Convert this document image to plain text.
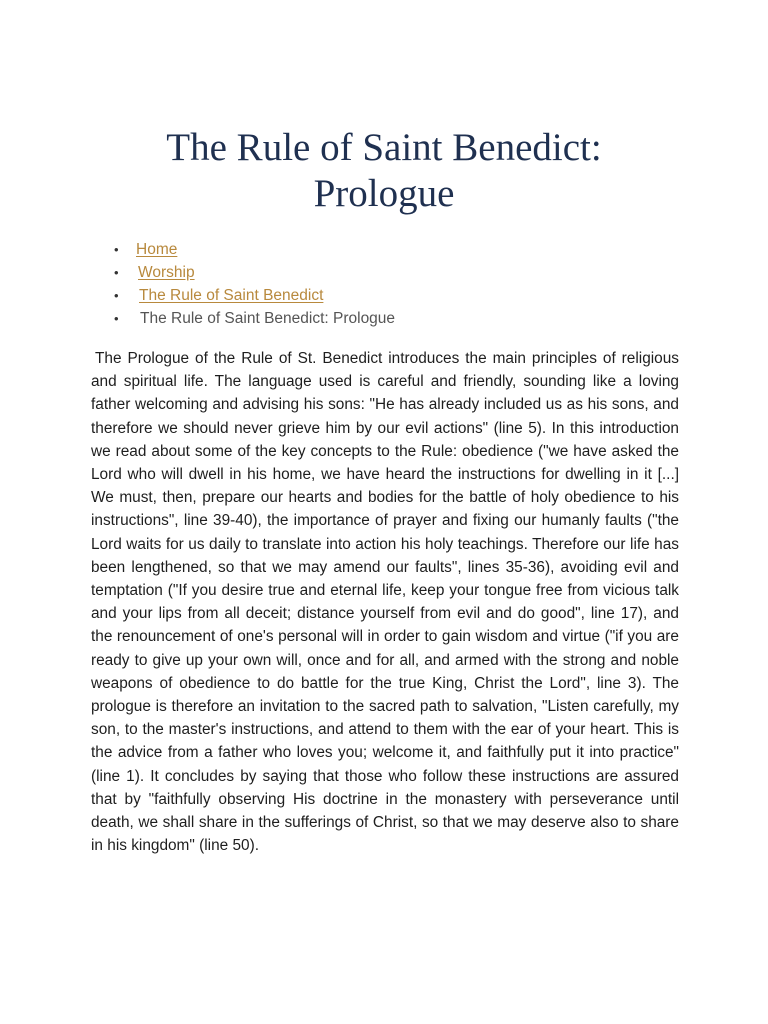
The Rule of Saint Benedict:
Prologue
• Home
• Worship
• The Rule of Saint Benedict
• The Rule of Saint Benedict: Prologue

The Prologue of the Rule of St. Benedict introduces the main principles of religious and spiritual life. The language used is careful and friendly, sounding like a loving father welcoming and advising his sons: "He has already included us as his sons, and therefore we should never grieve him by our evil actions" (line 5). In this introduction we read about some of the key concepts to the Rule: obedience ("we have asked the Lord who will dwell in his home, we have heard the instructions for dwelling in it [...] We must, then, prepare our hearts and bodies for the battle of holy obedience to his instructions", line 39-40), the importance of prayer and fixing our humanly faults ("the Lord waits for us daily to translate into action his holy teachings. Therefore our life has been lengthened, so that we may amend our faults", lines 35-36), avoiding evil and temptation ("If you desire true and eternal life, keep your tongue free from vicious talk and your lips from all deceit; distance yourself from evil and do good", line 17), and the renouncement of one's personal will in order to gain wisdom and virtue ("if you are ready to give up your own will, once and for all, and armed with the strong and noble weapons of obedience to do battle for the true King, Christ the Lord", line 3). The prologue is therefore an invitation to the sacred path to salvation, "Listen carefully, my son, to the master's instructions, and attend to them with the ear of your heart. This is the advice from a father who loves you; welcome it, and faithfully put it into practice" (line 1). It concludes by saying that those who follow these instructions are assured that by "faithfully observing His doctrine in the monastery with perseverance until death, we shall share in the sufferings of Christ, so that we may deserve also to share in his kingdom" (line 50).
